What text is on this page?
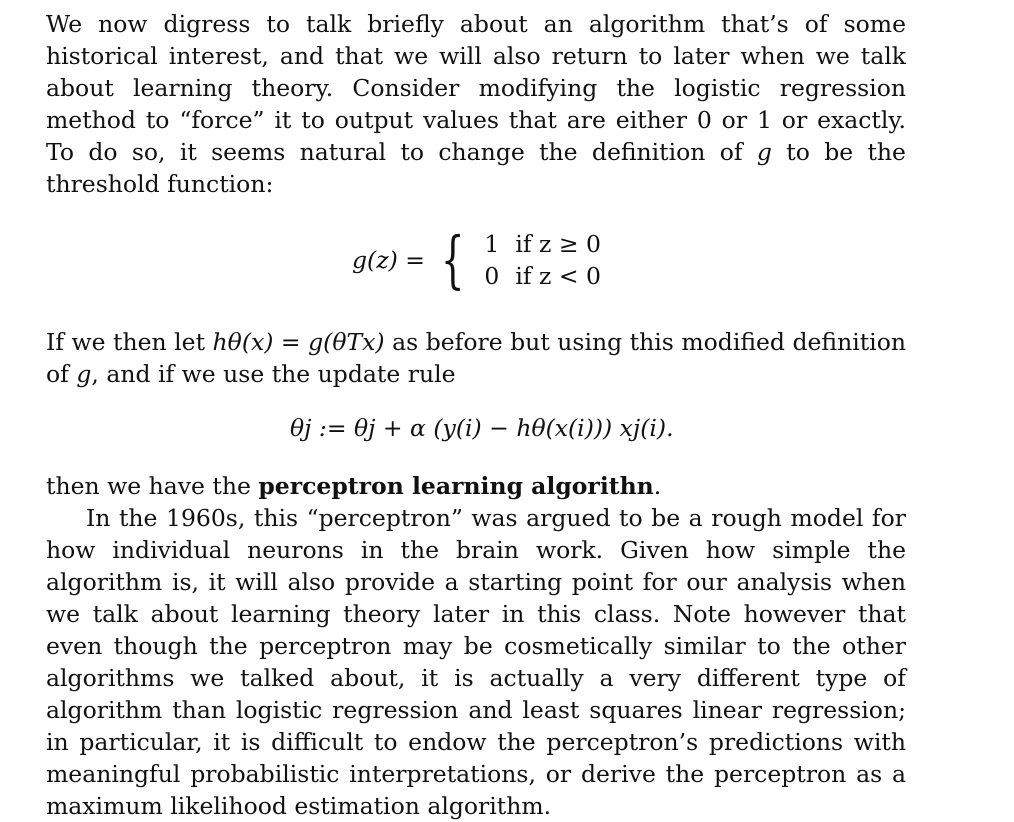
We now digress to talk briefly about an algorithm that’s of some historical interest, and that we will also return to later when we talk about learning theory. Consider modifying the logistic regression method to “force” it to output values that are either 0 or 1 or exactly. To do so, it seems natural to change the definition of g to be the threshold function:

g(z) = { 1	if z ≥ 0
0	if z < 0

If we then let hθ(x) = g(θTx) as before but using this modified definition of g, and if we use the update rule

θj := θj + α (y(i) − hθ(x(i))) xj(i).

then we have the perceptron learning algorithn.

In the 1960s, this “perceptron” was argued to be a rough model for how individual neurons in the brain work. Given how simple the algorithm is, it will also provide a starting point for our analysis when we talk about learning theory later in this class. Note however that even though the perceptron may be cosmetically similar to the other algorithms we talked about, it is actually a very different type of algorithm than logistic regression and least squares linear regression; in particular, it is difficult to endow the perceptron’s predictions with meaningful probabilistic interpretations, or derive the perceptron as a maximum likelihood estimation algorithm.
